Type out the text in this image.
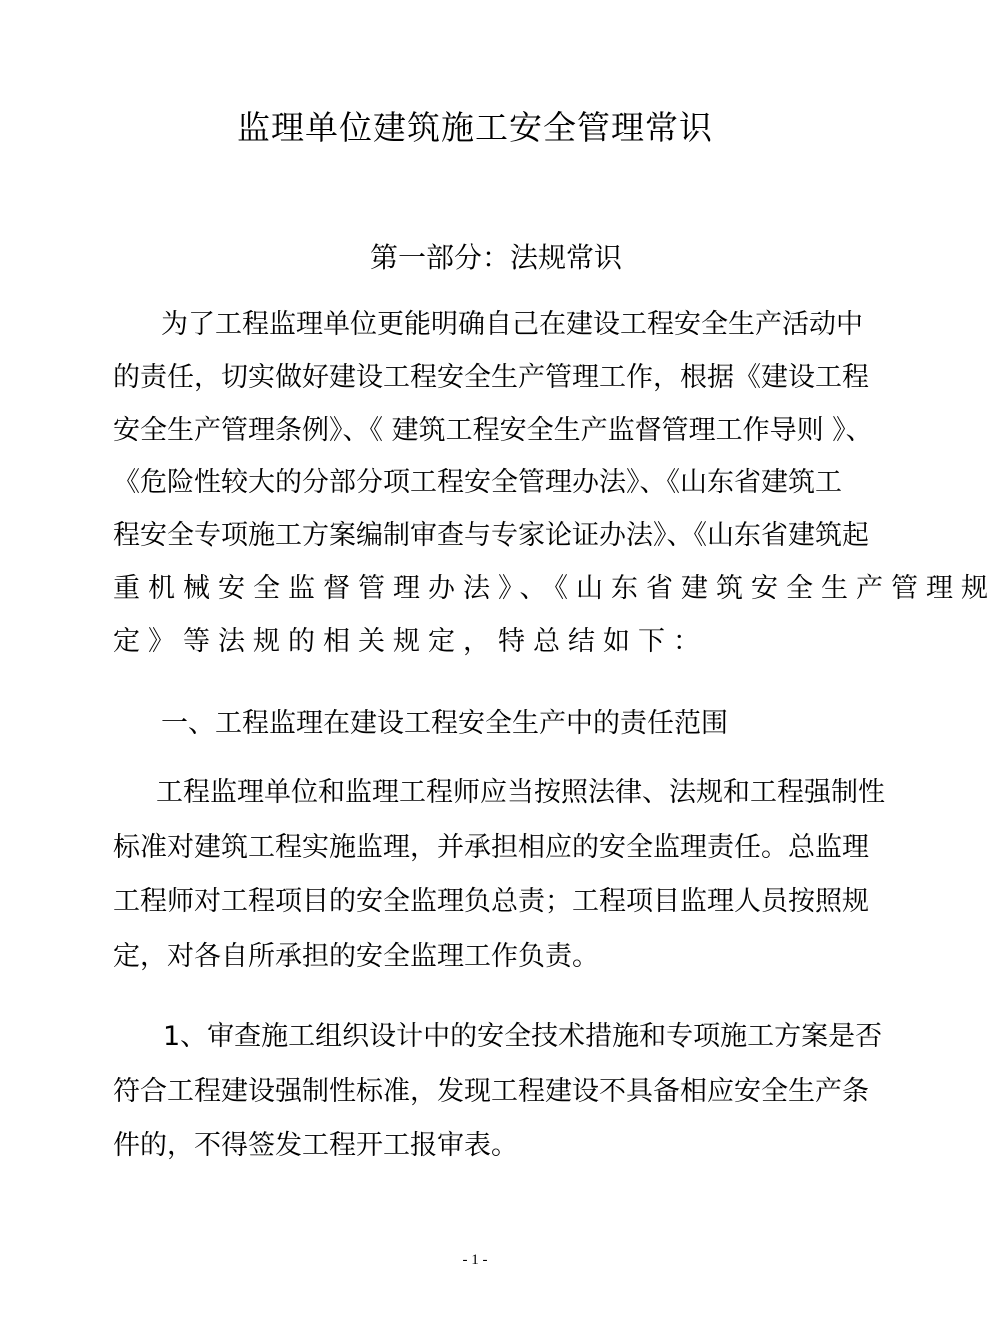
监理单位建筑施工安全管理常识
第一部分：法规常识
为了工程监理单位更能明确自己在建设工程安全生产活动中
的责任，切实做好建设工程安全生产管理工作，根据《建设工程
安全生产管理条例》、《 建筑工程安全生产监督管理工作导则 》、
《危险性较大的分部分项工程安全管理办法》、《山东省建筑工
程安全专项施工方案编制审查与专家论证办法》、《山东省建筑起
重机械安全监督管理办法》、《山东省建筑安全生产管理规
定》等法规的相关规定，特总结如下：
一、工程监理在建设工程安全生产中的责任范围
工程监理单位和监理工程师应当按照法律、法规和工程强制性
标准对建筑工程实施监理，并承担相应的安全监理责任。总监理
工程师对工程项目的安全监理负总责；工程项目监理人员按照规
定，对各自所承担的安全监理工作负责。
1、审查施工组织设计中的安全技术措施和专项施工方案是否
符合工程建设强制性标准，发现工程建设不具备相应安全生产条
件的，不得签发工程开工报审表。
- 1 -
